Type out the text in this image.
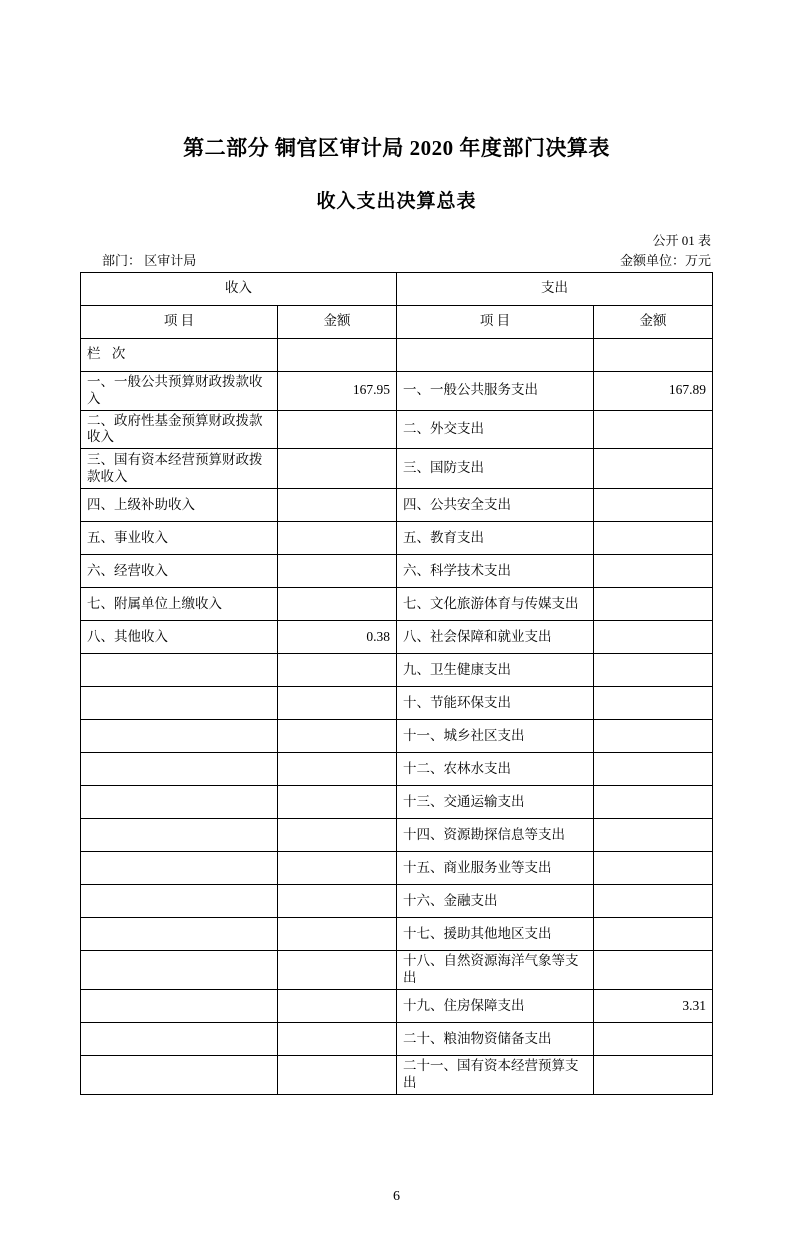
第二部分 铜官区审计局 2020 年度部门决算表
收入支出决算总表
公开 01 表
部门： 区审计局	金额单位：万元
收入		支出	
项 目	金额	项 目	金额
栏 次			
一、一般公共预算财政拨款收入	167.95	一、一般公共服务支出	167.89
二、政府性基金预算财政拨款收入		二、外交支出	
三、国有资本经营预算财政拨款收入		三、国防支出	
四、上级补助收入		四、公共安全支出	
五、事业收入		五、教育支出	
六、经营收入		六、科学技术支出	
七、附属单位上缴收入		七、文化旅游体育与传媒支出	
八、其他收入	0.38	八、社会保障和就业支出	
		九、卫生健康支出	
		十、节能环保支出	
		十一、城乡社区支出	
		十二、农林水支出	
		十三、交通运输支出	
		十四、资源勘探信息等支出	
		十五、商业服务业等支出	
		十六、金融支出	
		十七、援助其他地区支出	
		十八、自然资源海洋气象等支出	
		十九、住房保障支出	3.31
		二十、粮油物资储备支出	
		二十一、国有资本经营预算支出	
6
